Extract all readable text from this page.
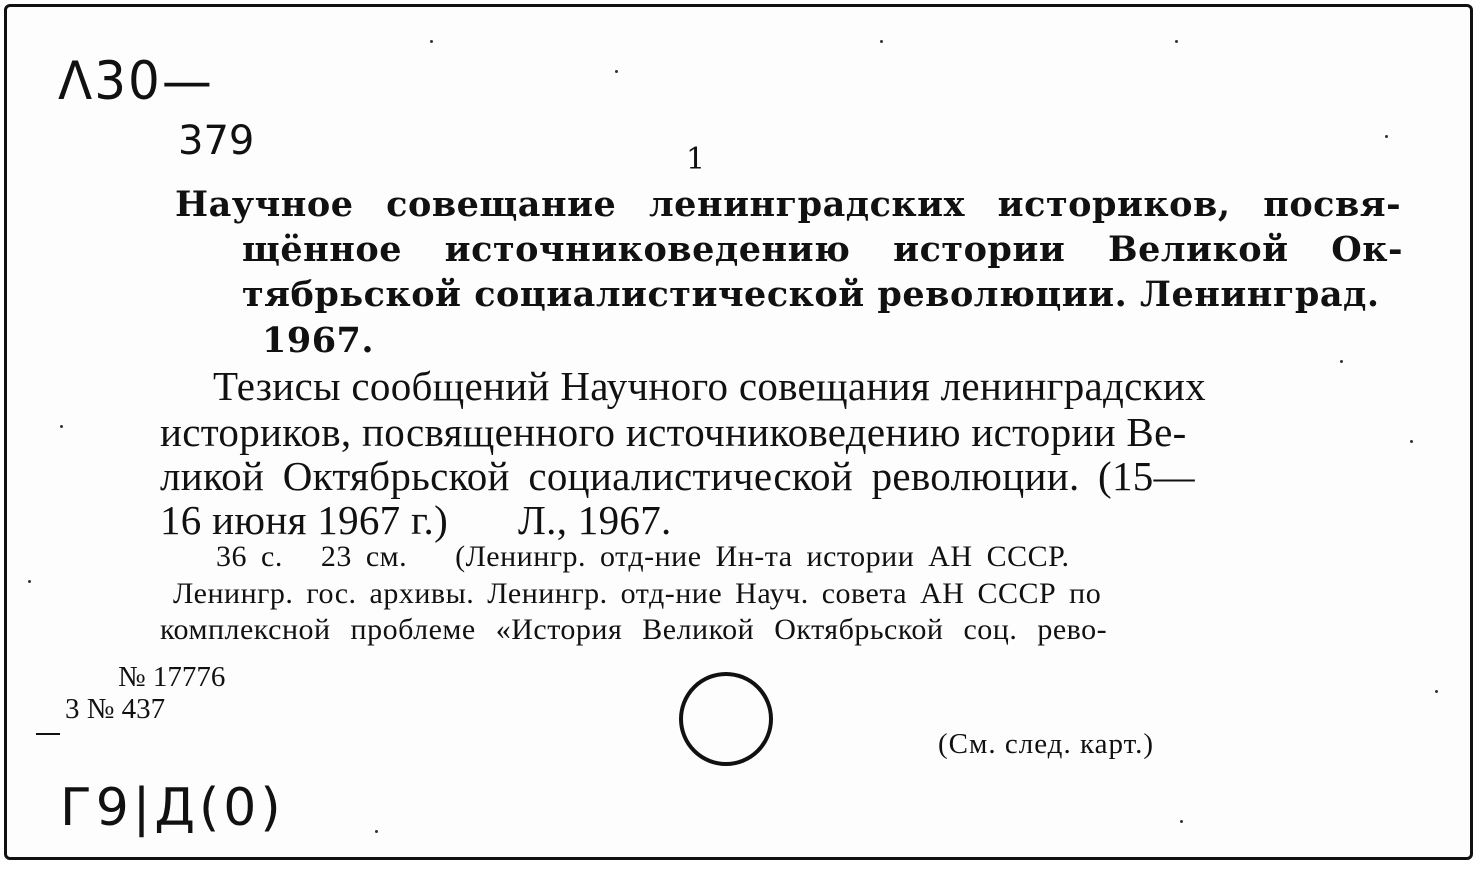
Λ30—
379	1
Научное совещание ленинградских историков, посвя-
щённое источниковедению истории Великой Ок-
тябрьской социалистической революции. Ленинград.
1967.
Тезисы сообщений Научного совещания ленинградских
историков, посвященного источниковедению истории Ве-
ликой Октябрьской социалистической революции. (15—
16 июня 1967 г.) Л., 1967.
36 с. 23 см. (Ленингр. отд-ние Ин-та истории АН СССР.
Ленингр. гос. архивы. Ленингр. отд-ние Науч. совета АН СССР по
комплексной проблеме «История Великой Октябрьской соц. рево-
№ 17776
3 № 437
(См. след. карт.)
Г9|Д(0)
